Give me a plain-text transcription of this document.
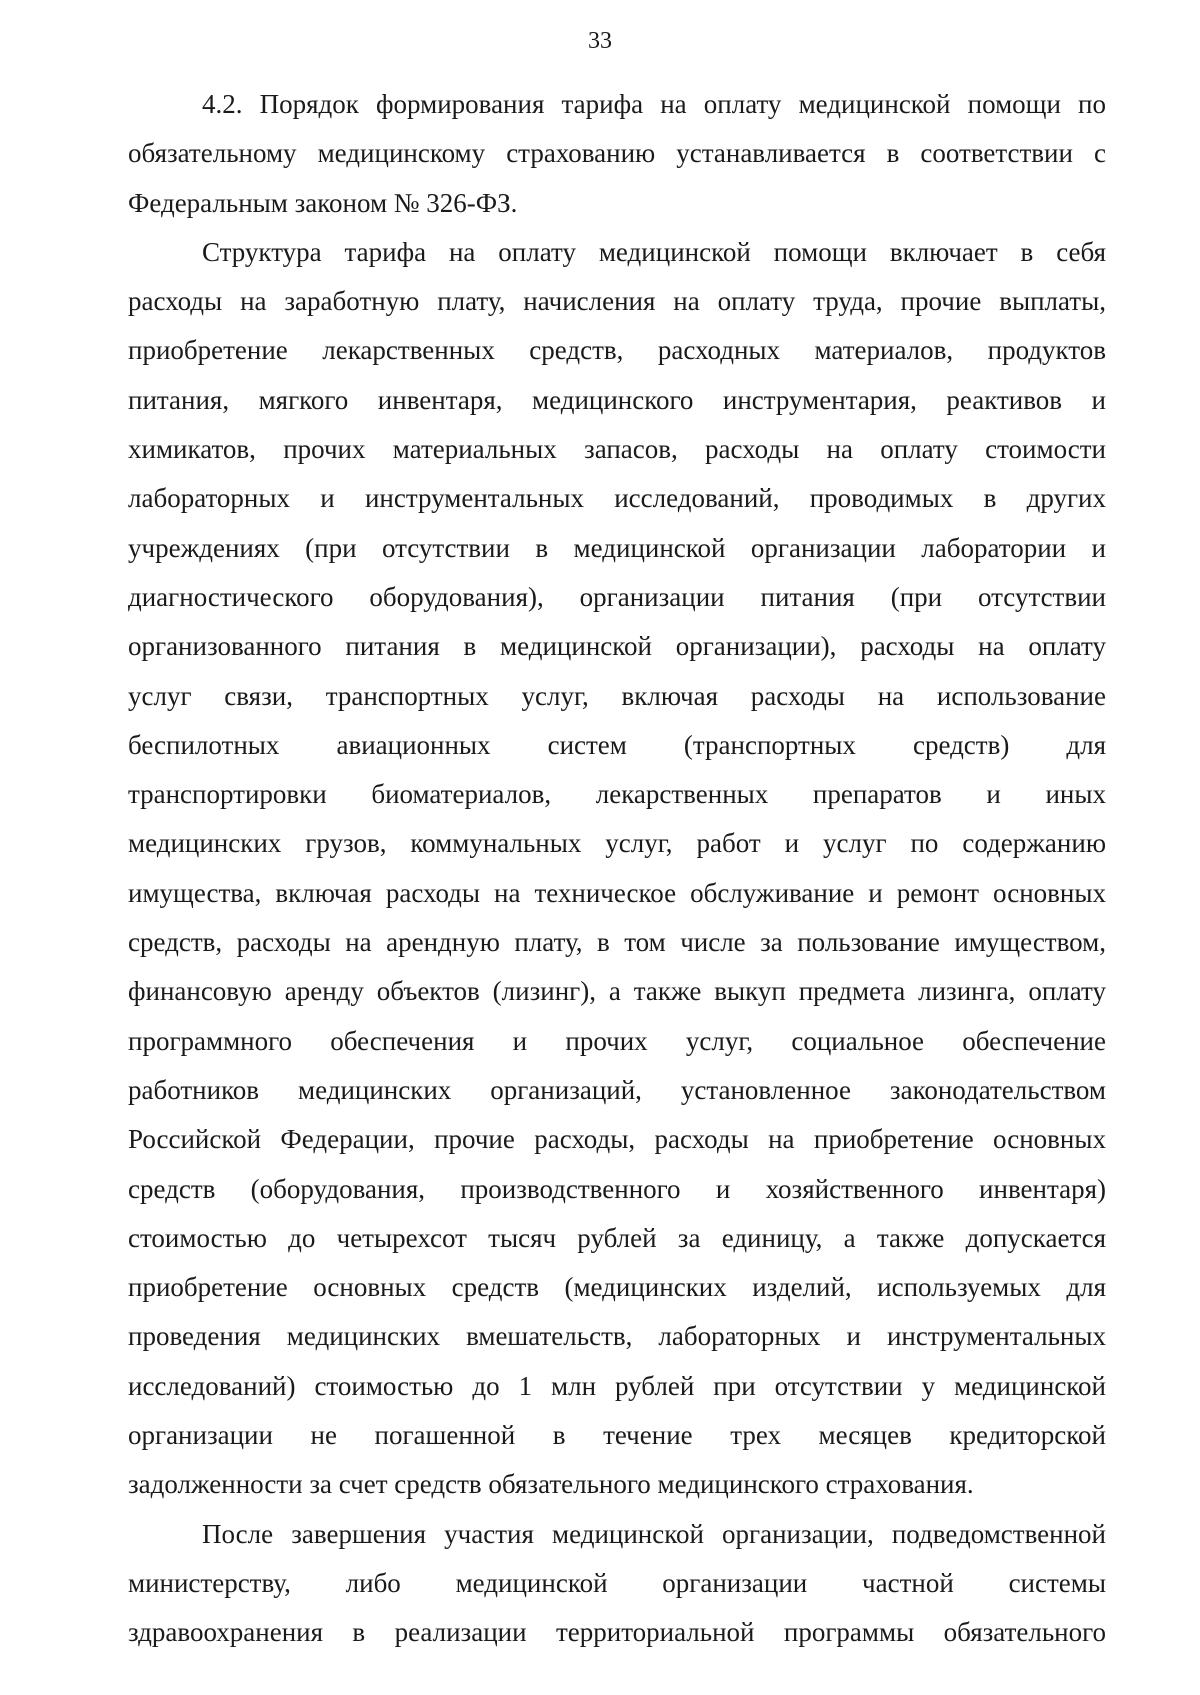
33

4.2. Порядок формирования тарифа на оплату медицинской помощи по
обязательному медицинскому страхованию устанавливается в соответствии с
Федеральным законом № 326-ФЗ.

Структура тарифа на оплату медицинской помощи включает в себя
расходы на заработную плату, начисления на оплату труда, прочие выплаты,
приобретение лекарственных средств, расходных материалов, продуктов
питания, мягкого инвентаря, медицинского инструментария, реактивов и
химикатов, прочих материальных запасов, расходы на оплату стоимости
лабораторных и инструментальных исследований, проводимых в других
учреждениях (при отсутствии в медицинской организации лаборатории и
диагностического оборудования), организации питания (при отсутствии
организованного питания в медицинской организации), расходы на оплату
услуг связи, транспортных услуг, включая расходы на использование
беспилотных авиационных систем (транспортных средств) для
транспортировки биоматериалов, лекарственных препаратов и иных
медицинских грузов, коммунальных услуг, работ и услуг по содержанию
имущества, включая расходы на техническое обслуживание и ремонт основных
средств, расходы на арендную плату, в том числе за пользование имуществом,
финансовую аренду объектов (лизинг), а также выкуп предмета лизинга, оплату
программного обеспечения и прочих услуг, социальное обеспечение
работников медицинских организаций, установленное законодательством
Российской Федерации, прочие расходы, расходы на приобретение основных
средств (оборудования, производственного и хозяйственного инвентаря)
стоимостью до четырехсот тысяч рублей за единицу, а также допускается
приобретение основных средств (медицинских изделий, используемых для
проведения медицинских вмешательств, лабораторных и инструментальных
исследований) стоимостью до 1 млн рублей при отсутствии у медицинской
организации не погашенной в течение трех месяцев кредиторской
задолженности за счет средств обязательного медицинского страхования.

После завершения участия медицинской организации, подведомственной
министерству, либо медицинской организации частной системы
здравоохранения в реализации территориальной программы обязательного
